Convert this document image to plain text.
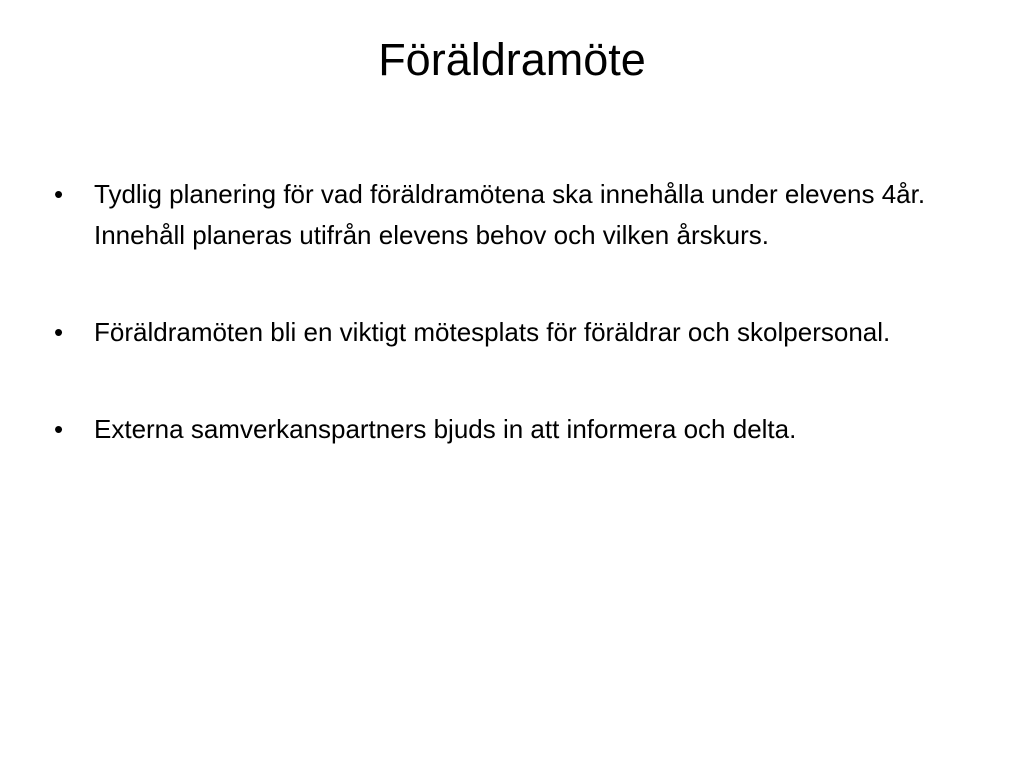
Föräldramöte
• Tydlig planering för vad föräldramötena ska innehålla under elevens 4år. Innehåll planeras utifrån elevens behov och vilken årskurs.
• Föräldramöten bli en viktigt mötesplats för föräldrar och skolpersonal.
• Externa samverkanspartners bjuds in att informera och delta.
